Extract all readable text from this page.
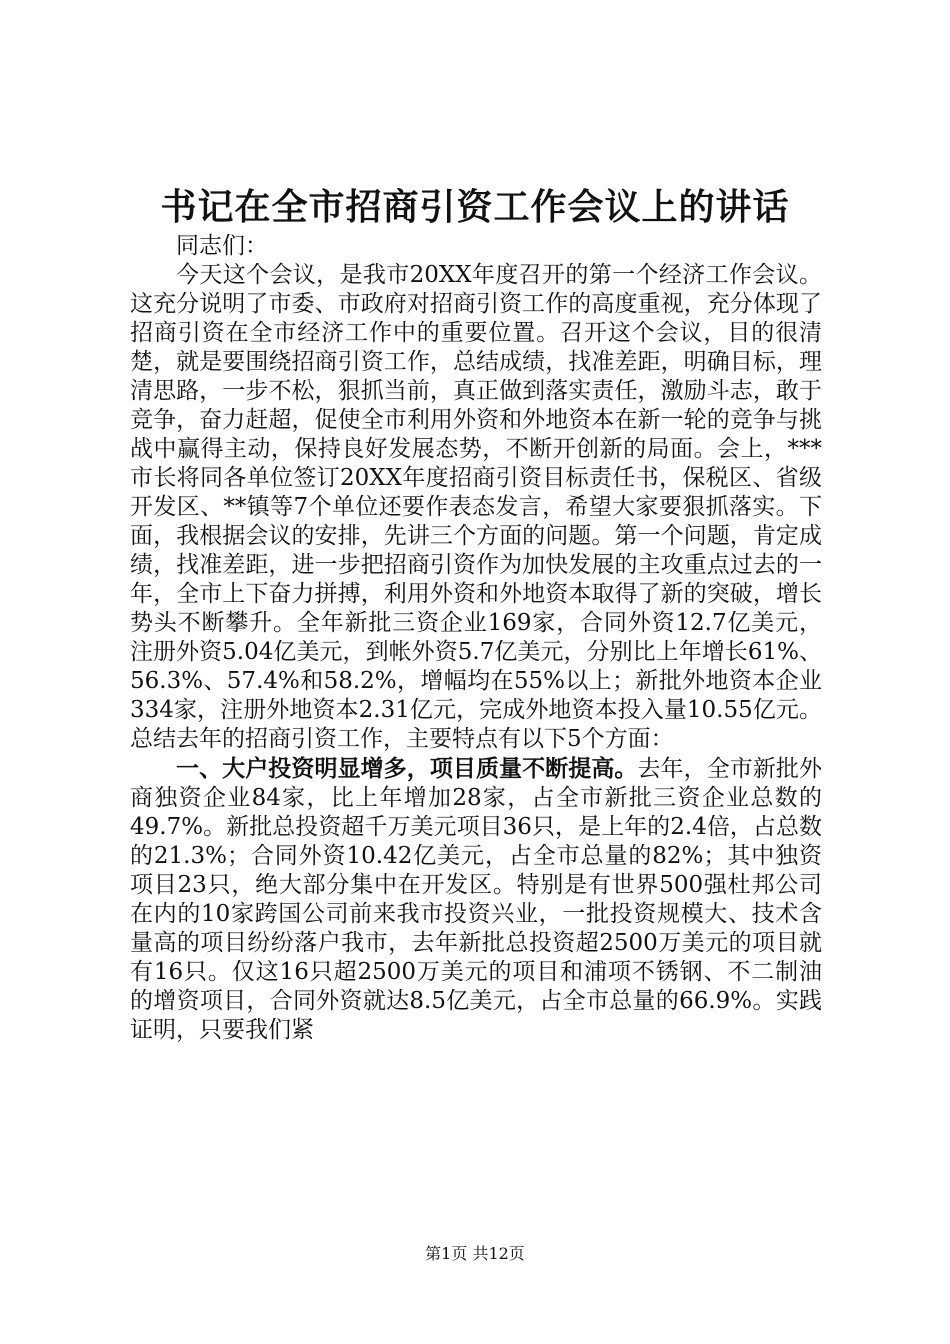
书记在全市招商引资工作会议上的讲话

同志们：

今天这个会议，是我市20XX年度召开的第一个经济工作会议。这充分说明了市委、市政府对招商引资工作的高度重视，充分体现了招商引资在全市经济工作中的重要位置。召开这个会议，目的很清楚，就是要围绕招商引资工作，总结成绩，找准差距，明确目标，理清思路，一步不松，狠抓当前，真正做到落实责任，激励斗志，敢于竞争，奋力赶超，促使全市利用外资和外地资本在新一轮的竞争与挑战中赢得主动，保持良好发展态势，不断开创新的局面。会上，***市长将同各单位签订20XX年度招商引资目标责任书，保税区、省级开发区、**镇等7个单位还要作表态发言，希望大家要狠抓落实。下面，我根据会议的安排，先讲三个方面的问题。第一个问题，肯定成绩，找准差距，进一步把招商引资作为加快发展的主攻重点过去的一年，全市上下奋力拼搏，利用外资和外地资本取得了新的突破，增长势头不断攀升。全年新批三资企业169家，合同外资12.7亿美元，注册外资5.04亿美元，到帐外资5.7亿美元，分别比上年增长61%、56.3%、57.4%和58.2%，增幅均在55%以上；新批外地资本企业334家，注册外地资本2.31亿元，完成外地资本投入量10.55亿元。总结去年的招商引资工作，主要特点有以下5个方面：

一、大户投资明显增多，项目质量不断提高。去年，全市新批外商独资企业84家，比上年增加28家，占全市新批三资企业总数的49.7%。新批总投资超千万美元项目36只，是上年的2.4倍，占总数的21.3%；合同外资10.42亿美元，占全市总量的82%；其中独资项目23只，绝大部分集中在开发区。特别是有世界500强杜邦公司在内的10家跨国公司前来我市投资兴业，一批投资规模大、技术含量高的项目纷纷落户我市，去年新批总投资超2500万美元的项目就有16只。仅这16只超2500万美元的项目和浦项不锈钢、不二制油的增资项目，合同外资就达8.5亿美元，占全市总量的66.9%。实践证明，只要我们紧

第1页 共12页
